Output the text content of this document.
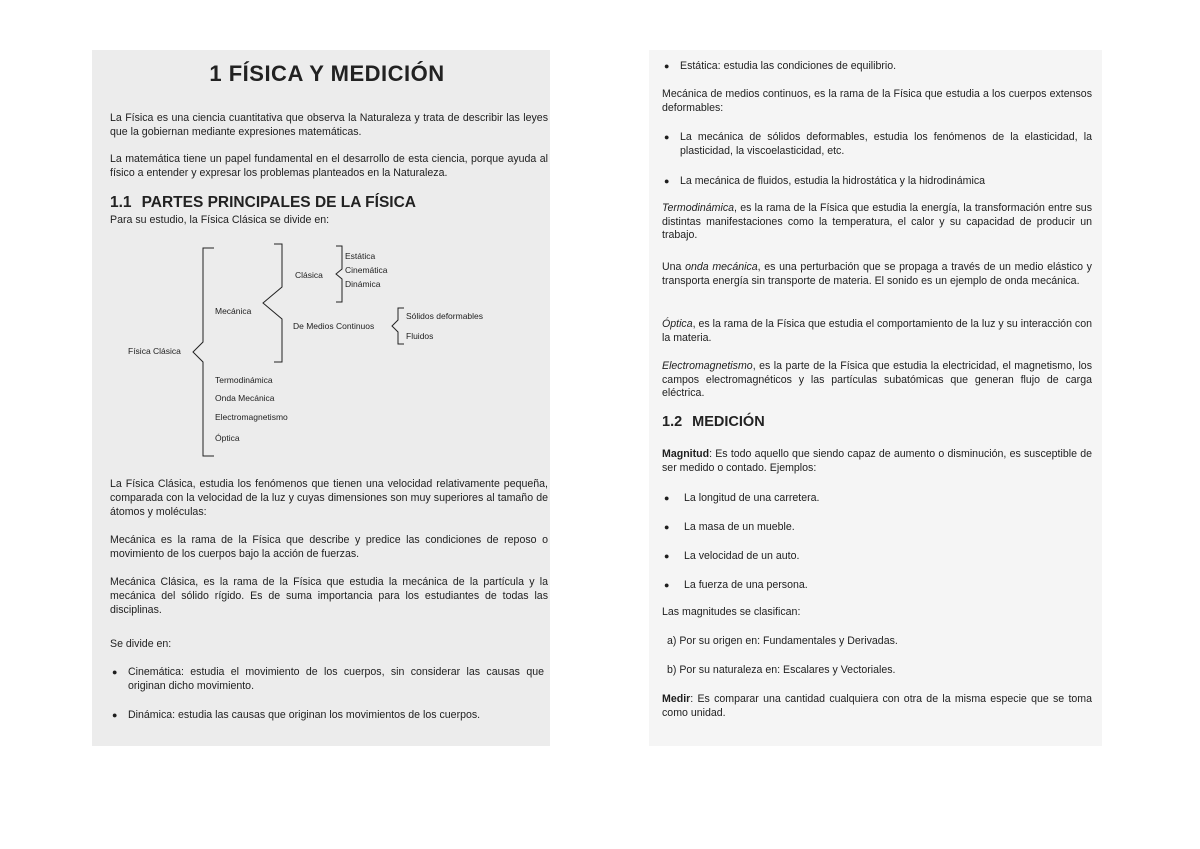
1 FÍSICA Y MEDICIÓN

La Física es una ciencia cuantitativa que observa la Naturaleza y trata de describir las leyes que la gobiernan mediante expresiones matemáticas.

La matemática tiene un papel fundamental en el desarrollo de esta ciencia, porque ayuda al físico a entender y expresar los problemas planteados en la Naturaleza.

1.1 PARTES PRINCIPALES DE LA FÍSICA

Para su estudio, la Física Clásica se divide en:

Física Clásica
Mecánica
Clásica
Estática
Cinemática
Dinámica
De Medios Continuos
Sólidos deformables
Fluidos
Termodinámica
Onda Mecánica
Electromagnetismo
Óptica

La Física Clásica, estudia los fenómenos que tienen una velocidad relativamente pequeña, comparada con la velocidad de la luz y cuyas dimensiones son muy superiores al tamaño de átomos y moléculas:

Mecánica es la rama de la Física que describe y predice las condiciones de reposo o movimiento de los cuerpos bajo la acción de fuerzas.

Mecánica Clásica, es la rama de la Física que estudia la mecánica de la partícula y la mecánica del sólido rígido. Es de suma importancia para los estudiantes de todas las disciplinas.

Se divide en:

● Cinemática: estudia el movimiento de los cuerpos, sin considerar las causas que originan dicho movimiento.
● Dinámica: estudia las causas que originan los movimientos de los cuerpos.
● Estática: estudia las condiciones de equilibrio.

Mecánica de medios continuos, es la rama de la Física que estudia a los cuerpos extensos deformables:

● La mecánica de sólidos deformables, estudia los fenómenos de la elasticidad, la plasticidad, la viscoelasticidad, etc.
● La mecánica de fluidos, estudia la hidrostática y la hidrodinámica

Termodinámica, es la rama de la Física que estudia la energía, la transformación entre sus distintas manifestaciones como la temperatura, el calor y su capacidad de producir un trabajo.

Una onda mecánica, es una perturbación que se propaga a través de un medio elástico y transporta energía sin transporte de materia. El sonido es un ejemplo de onda mecánica.

Óptica, es la rama de la Física que estudia el comportamiento de la luz y su interacción con la materia.

Electromagnetismo, es la parte de la Física que estudia la electricidad, el magnetismo, los campos electromagnéticos y las partículas subatómicas que generan flujo de carga eléctrica.

1.2 MEDICIÓN

Magnitud: Es todo aquello que siendo capaz de aumento o disminución, es susceptible de ser medido o contado. Ejemplos:

● La longitud de una carretera.
● La masa de un mueble.
● La velocidad de un auto.
● La fuerza de una persona.

Las magnitudes se clasifican:

a) Por su origen en: Fundamentales y Derivadas.

b) Por su naturaleza en: Escalares y Vectoriales.

Medir: Es comparar una cantidad cualquiera con otra de la misma especie que se toma como unidad.
